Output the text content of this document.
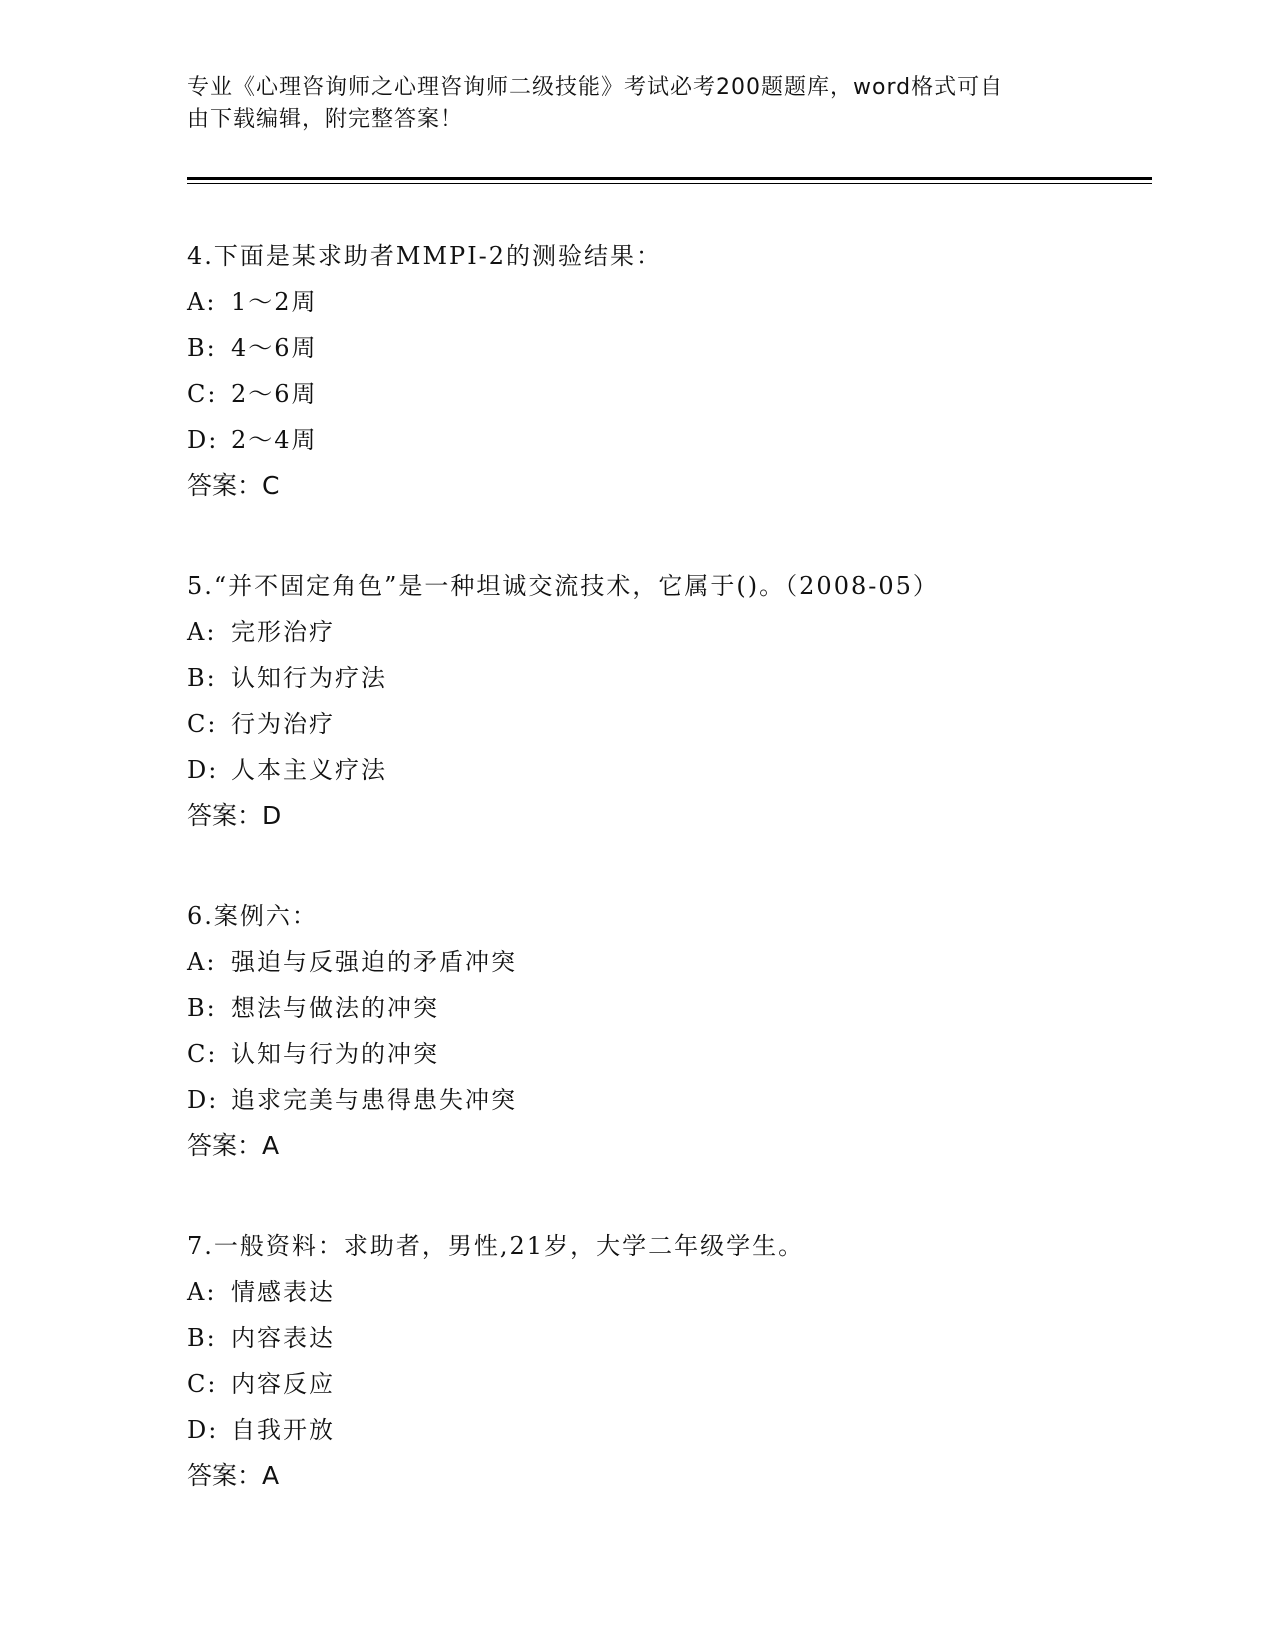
专业《心理咨询师之心理咨询师二级技能》考试必考200题题库，word格式可自
由下载编辑，附完整答案！
4.下面是某求助者MMPI-2的测验结果：
A: 1～2周
B: 4～6周
C: 2～6周
D: 2～4周
答案：C
5.“并不固定角色”是一种坦诚交流技术，它属于()。（2008-05）
A: 完形治疗
B: 认知行为疗法
C: 行为治疗
D: 人本主义疗法
答案：D
6.案例六：
A: 强迫与反强迫的矛盾冲突
B: 想法与做法的冲突
C: 认知与行为的冲突
D: 追求完美与患得患失冲突
答案：A
7.一般资料：求助者，男性,21岁，大学二年级学生。
A: 情感表达
B: 内容表达
C: 内容反应
D: 自我开放
答案：A
